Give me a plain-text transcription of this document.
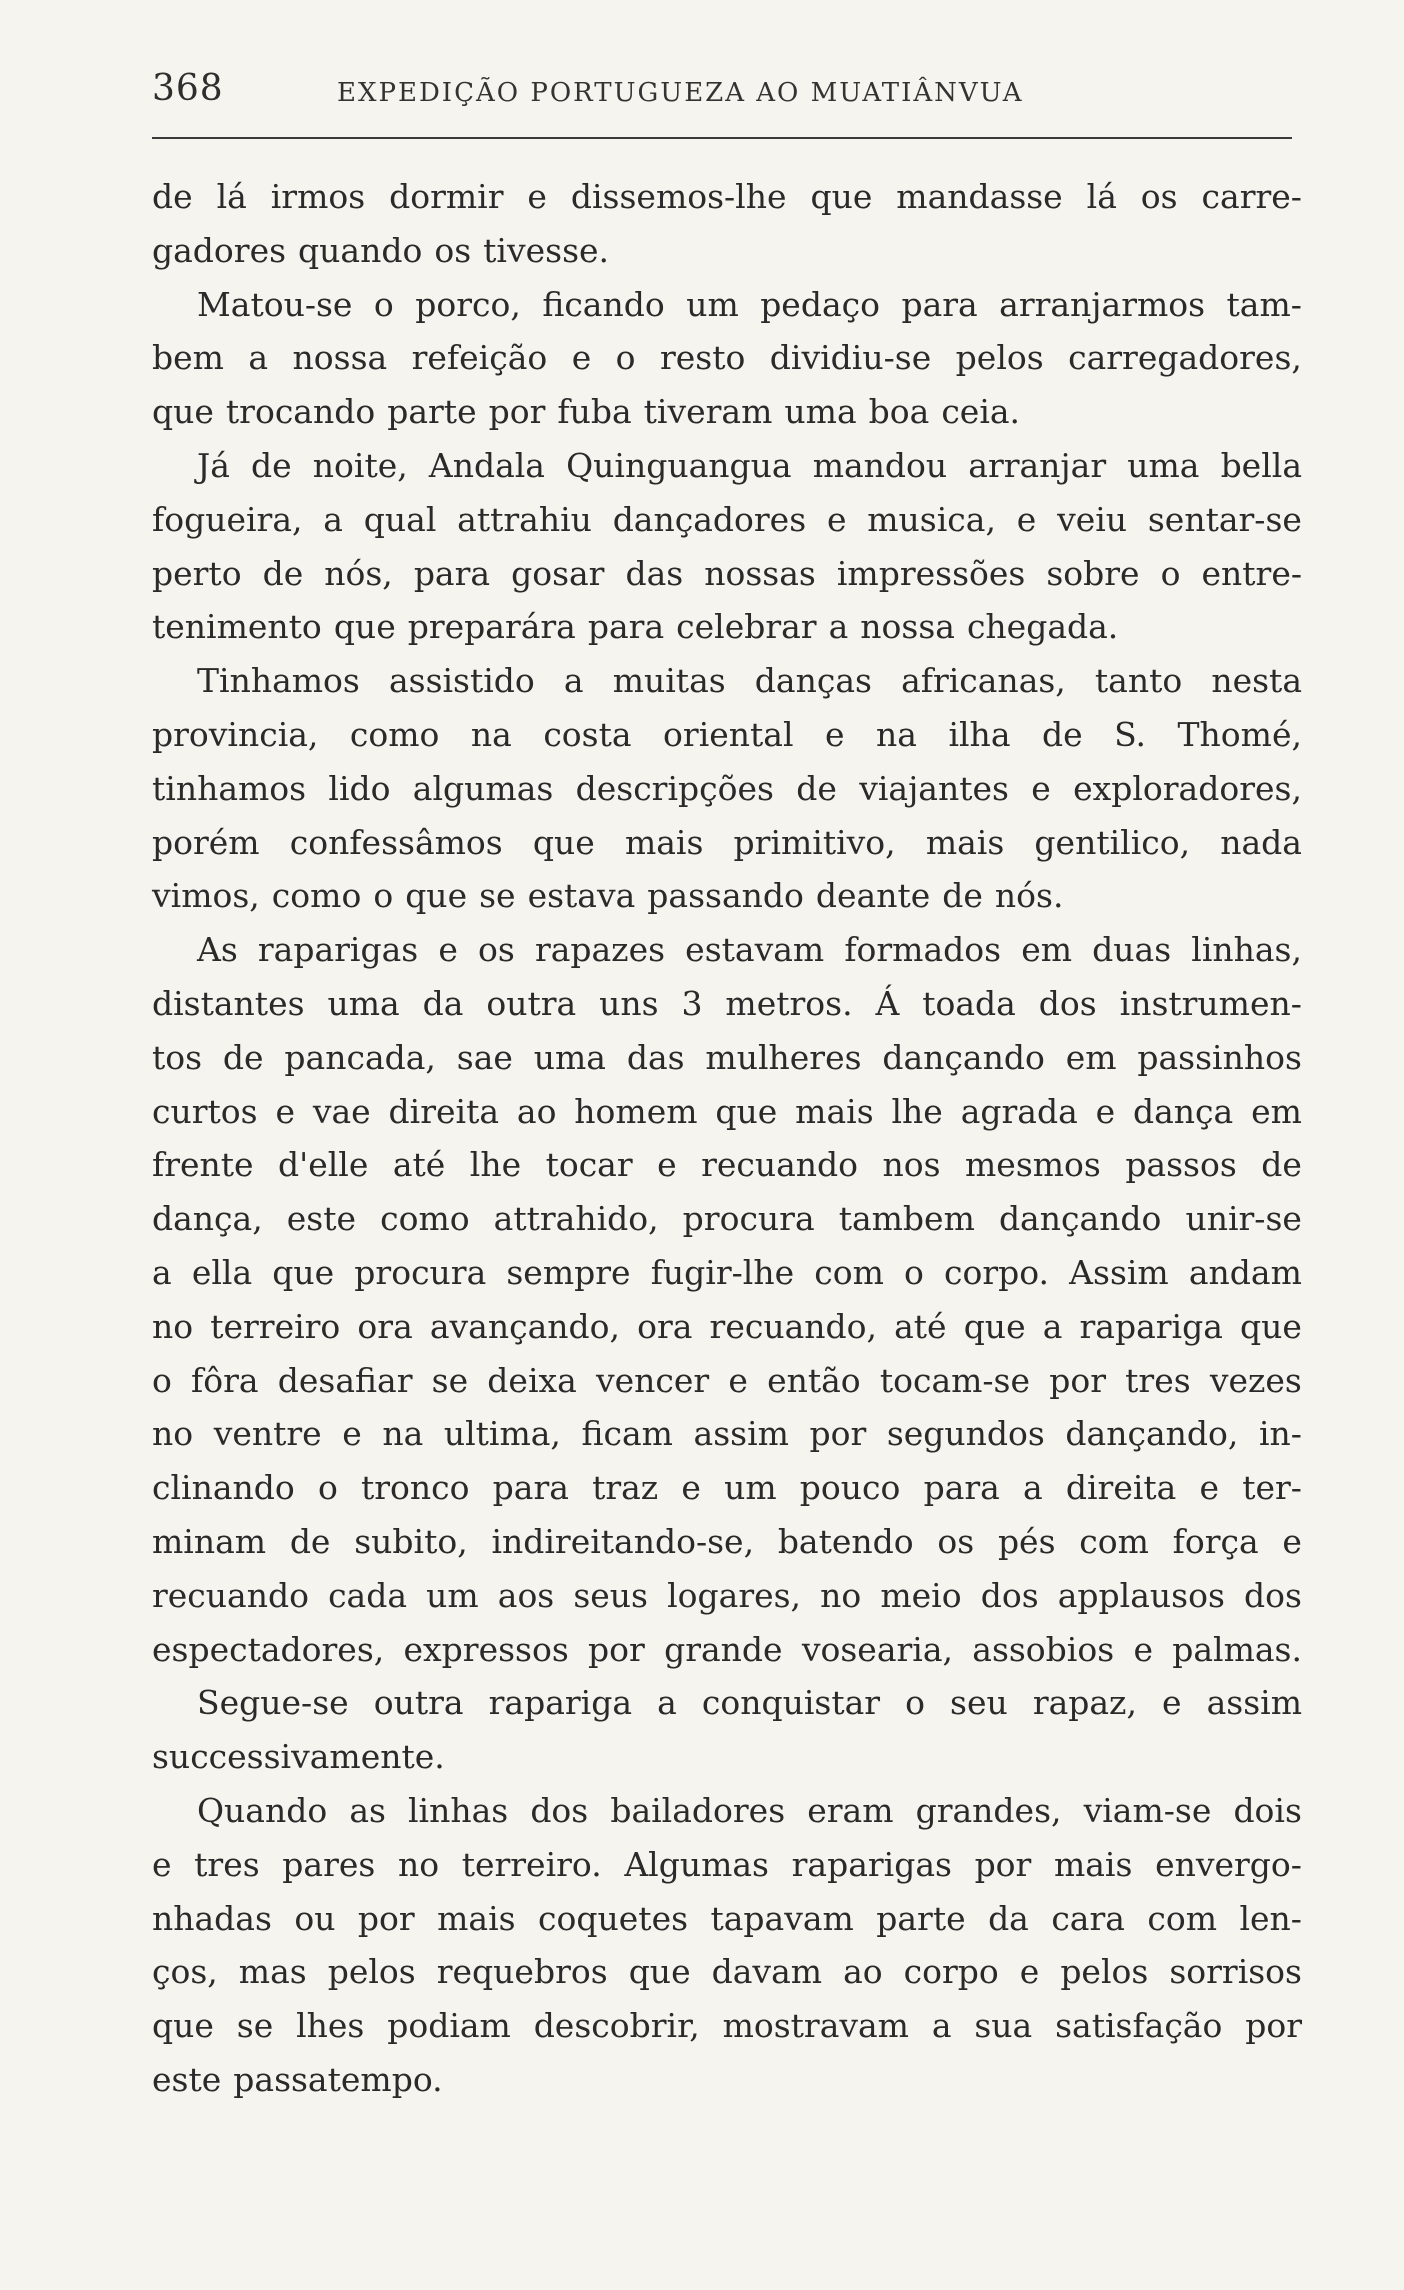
368	EXPEDIÇÃO PORTUGUEZA AO MUATIÂNVUA
de lá irmos dormir e dissemos-lhe que mandasse lá os carre-
gadores quando os tivesse.
Matou-se o porco, ficando um pedaço para arranjarmos tam-
bem a nossa refeição e o resto dividiu-se pelos carregadores,
que trocando parte por fuba tiveram uma boa ceia.
Já de noite, Andala Quinguangua mandou arranjar uma bella
fogueira, a qual attrahiu dançadores e musica, e veiu sentar-se
perto de nós, para gosar das nossas impressões sobre o entre-
tenimento que preparára para celebrar a nossa chegada.
Tinhamos assistido a muitas danças africanas, tanto nesta
provincia, como na costa oriental e na ilha de S. Thomé,
tinhamos lido algumas descripções de viajantes e exploradores,
porém confessâmos que mais primitivo, mais gentilico, nada
vimos, como o que se estava passando deante de nós.
As raparigas e os rapazes estavam formados em duas linhas,
distantes uma da outra uns 3 metros. Á toada dos instrumen-
tos de pancada, sae uma das mulheres dançando em passinhos
curtos e vae direita ao homem que mais lhe agrada e dança em
frente d'elle até lhe tocar e recuando nos mesmos passos de
dança, este como attrahido, procura tambem dançando unir-se
a ella que procura sempre fugir-lhe com o corpo. Assim andam
no terreiro ora avançando, ora recuando, até que a rapariga que
o fôra desafiar se deixa vencer e então tocam-se por tres vezes
no ventre e na ultima, ficam assim por segundos dançando, in-
clinando o tronco para traz e um pouco para a direita e ter-
minam de subito, indireitando-se, batendo os pés com força e
recuando cada um aos seus logares, no meio dos applausos dos
espectadores, expressos por grande vosearia, assobios e palmas.
Segue-se outra rapariga a conquistar o seu rapaz, e assim
successivamente.
Quando as linhas dos bailadores eram grandes, viam-se dois
e tres pares no terreiro. Algumas raparigas por mais envergo-
nhadas ou por mais coquetes tapavam parte da cara com len-
ços, mas pelos requebros que davam ao corpo e pelos sorrisos
que se lhes podiam descobrir, mostravam a sua satisfação por
este passatempo.
